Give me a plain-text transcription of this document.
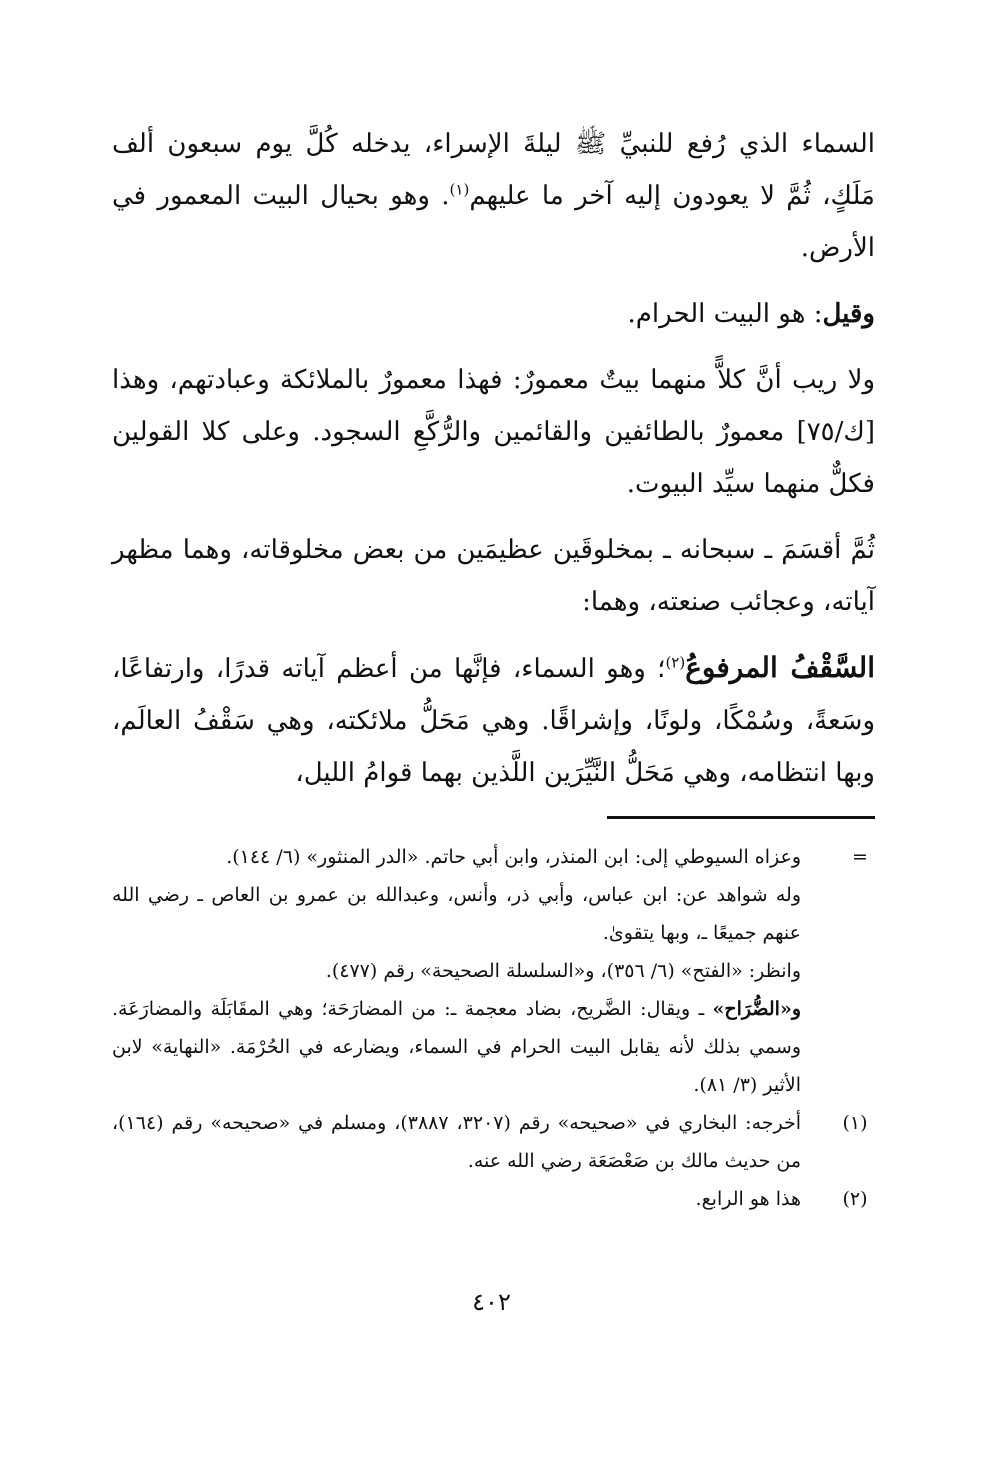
السماء الذي رُفع للنبيِّ ﷺ ليلةَ الإسراء، يدخله كُلَّ يوم سبعون ألف مَلَكٍ، ثُمَّ لا يعودون إليه آخر ما عليهم$^{(١)}$. وهو بحيال البيت المعمور في الأرض.

وقيل: هو البيت الحرام.

ولا ريب أنَّ كلاًّ منهما بيتٌ معمورٌ: فهذا معمورٌ بالملائكة وعبادتهم، وهذا [ك/٧٥] معمورٌ بالطائفين والقائمين والرُّكَّعِ السجود. وعلى كلا القولين فكلٌّ منهما سيِّد البيوت.

ثُمَّ أقسَمَ ـ سبحانه ـ بمخلوقَين عظيمَين من بعض مخلوقاته، وهما مظهر آياته، وعجائب صنعته، وهما:

السَّقْفُ المرفوعُ$^{(٢)}$؛ وهو السماء، فإنَّها من أعظم آياته قدرًا، وارتفاعًا، وسَعةً، وسُمْكًا، ولونًا، وإشراقًا. وهي مَحَلُّ ملائكته، وهي سَقْفُ العالَم، وبها انتظامه، وهي مَحَلُّ النَّيِّرَين اللَّذين بهما قوامُ الليل،

=
وعزاه السيوطي إلى: ابن المنذر، وابن أبي حاتم. «الدر المنثور» (٦/ ١٤٤).

وله شواهد عن: ابن عباس، وأبي ذر، وأنس، وعبدالله بن عمرو بن العاص ـ رضي الله عنهم جميعًا ـ، وبها يتقوىٰ.

وانظر: «الفتح» (٦/ ٣٥٦)، و«السلسلة الصحيحة» رقم (٤٧٧).

و«الضُّرَاح» ـ ويقال: الضَّريح، بضاد معجمة ـ: من المضارَحَة؛ وهي المقَابَلَة والمضارَعَة. وسمي بذلك لأنه يقابل البيت الحرام في السماء، ويضارعه في الحُرْمَة. «النهاية» لابن الأثير (٣/ ٨١).

(١)
أخرجه: البخاري في «صحيحه» رقم (٣٢٠٧، ٣٨٨٧)، ومسلم في «صحيحه» رقم (١٦٤)، من حديث مالك بن صَعْصَعَة رضي الله عنه.

(٢)
هذا هو الرابع.

٤٠٢
